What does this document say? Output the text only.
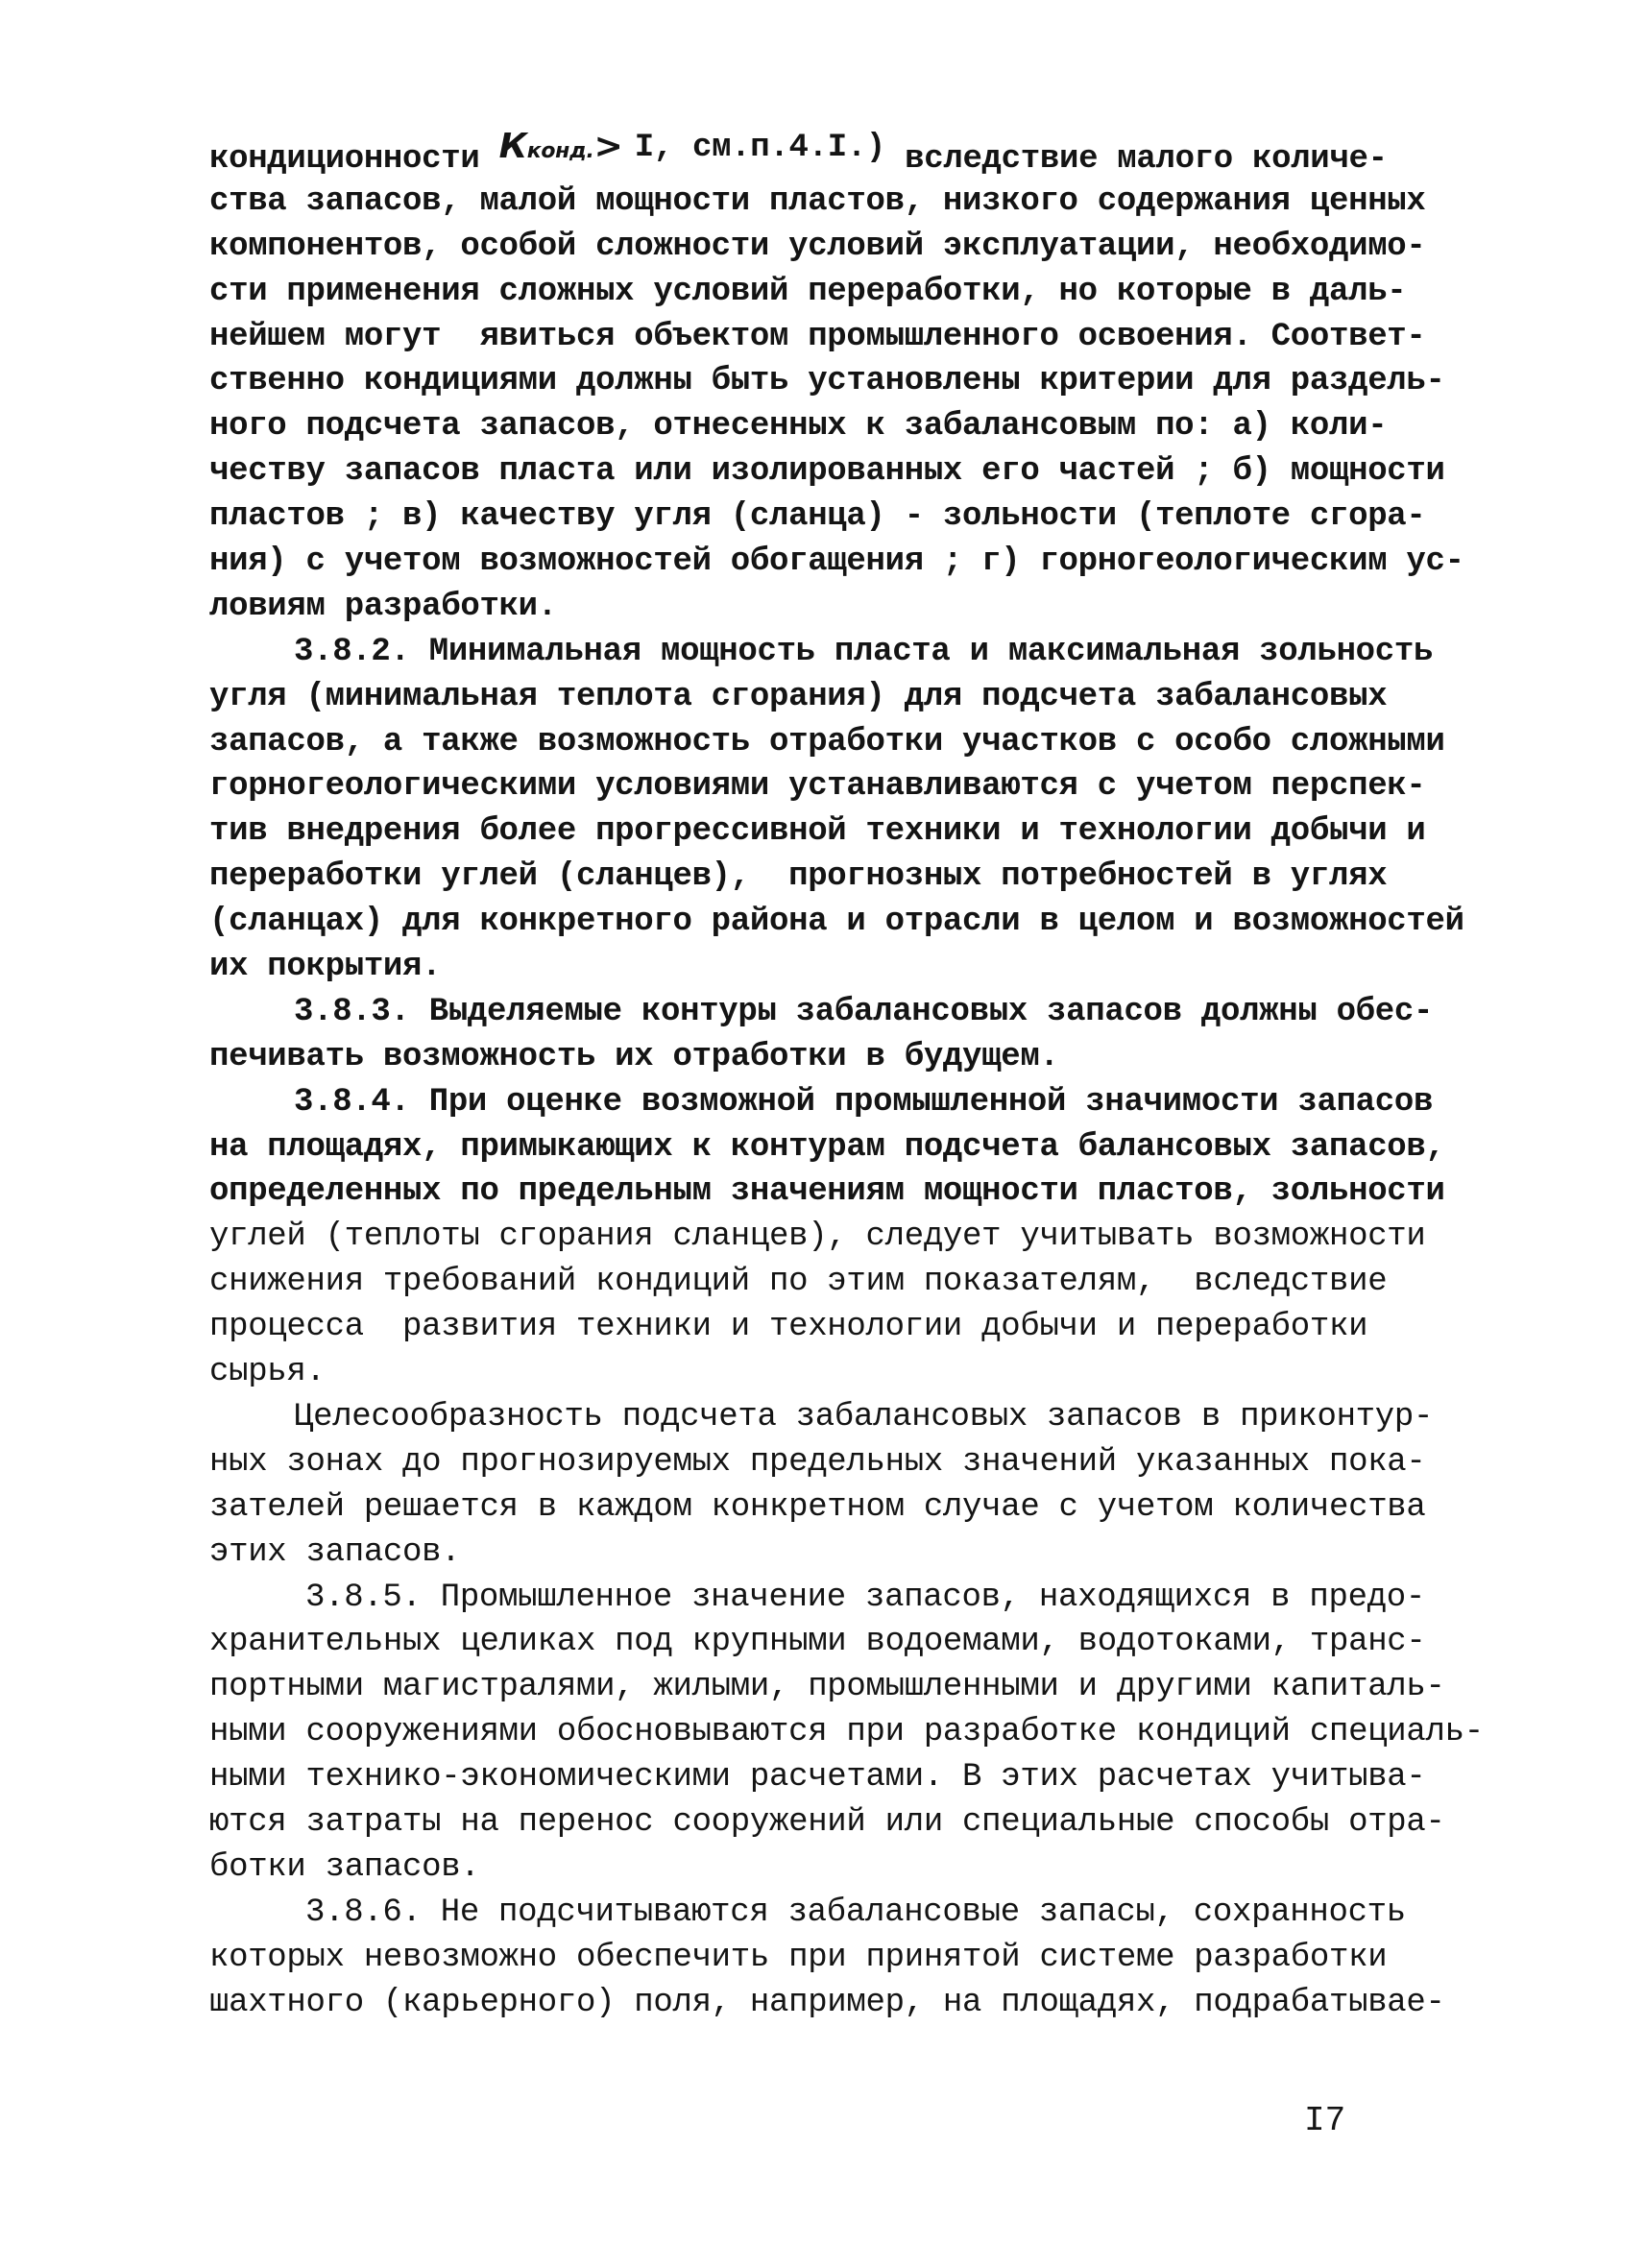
кондиционности Кконд.> I, см.п.4.I.) вследствие малого количе-
ства запасов, малой мощности пластов, низкого содержания ценных
компонентов, особой сложности условий эксплуатации, необходимо-
сти применения сложных условий переработки, но которые в даль-
нейшем могут  явиться объектом промышленного освоения. Соответ-
ственно кондициями должны быть установлены критерии для раздель-
ного подсчета запасов, отнесенных к забалансовым по: а) коли-
честву запасов пласта или изолированных его частей ; б) мощности
пластов ; в) качеству угля (сланца) - зольности (теплоте сгора-
ния) с учетом возможностей обогащения ; г) горногеологическим ус-
ловиям разработки.
3.8.2. Минимальная мощность пласта и максимальная зольность
угля (минимальная теплота сгорания) для подсчета забалансовых
запасов, а также возможность отработки участков с особо сложными
горногеологическими условиями устанавливаются с учетом перспек-
тив внедрения более прогрессивной техники и технологии добычи и
переработки углей (сланцев),  прогнозных потребностей в углях
(сланцах) для конкретного района и отрасли в целом и возможностей
их покрытия.
3.8.3. Выделяемые контуры забалансовых запасов должны обес-
печивать возможность их отработки в будущем.
3.8.4. При оценке возможной промышленной значимости запасов
на площадях, примыкающих к контурам подсчета балансовых запасов,
определенных по предельным значениям мощности пластов, зольности
углей (теплоты сгорания сланцев), следует учитывать возможности
снижения требований кондиций по этим показателям,  вследствие
процесса  развития техники и технологии добычи и переработки
сырья.
Целесообразность подсчета забалансовых запасов в приконтур-
ных зонах до прогнозируемых предельных значений указанных пока-
зателей решается в каждом конкретном случае с учетом количества
этих запасов.
3.8.5. Промышленное значение запасов, находящихся в предо-
хранительных целиках под крупными водоемами, водотоками, транс-
портными магистралями, жилыми, промышленными и другими капиталь-
ными сооружениями обосновываются при разработке кондиций специаль-
ными технико-экономическими расчетами. В этих расчетах учитыва-
ются затраты на перенос сооружений или специальные способы отра-
ботки запасов.
3.8.6. Не подсчитываются забалансовые запасы, сохранность
которых невозможно обеспечить при принятой системе разработки
шахтного (карьерного) поля, например, на площадях, подрабатывае-
I7
